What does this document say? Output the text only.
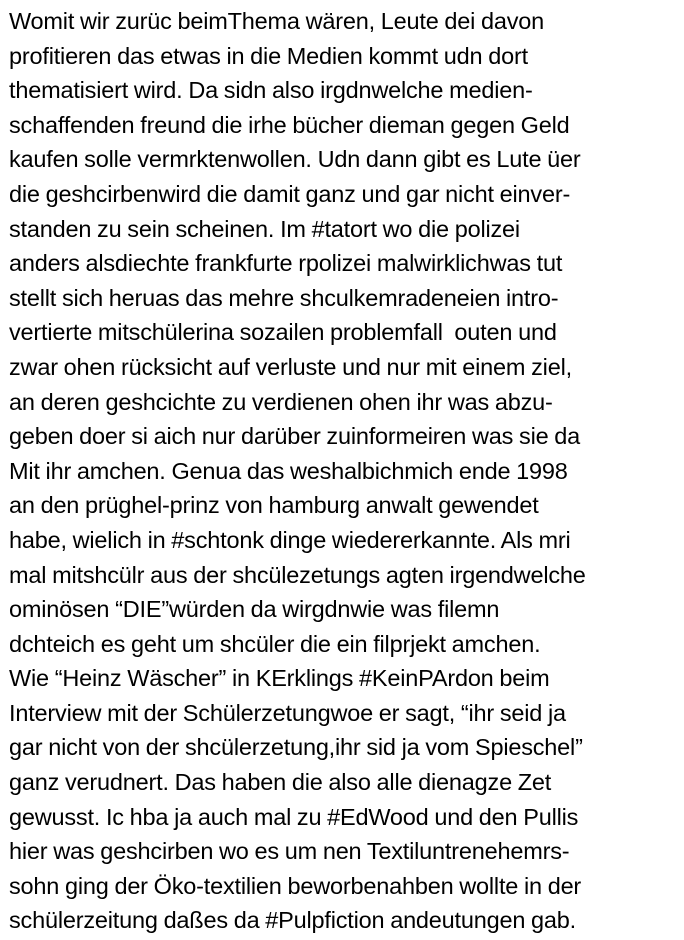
Womit wir zurüc beimThema wären, Leute dei davon
profitieren das etwas in die Medien kommt udn dort
thematisiert wird. Da sidn also irgdnwelche medien-
schaffenden freund die irhe bücher dieman gegen Geld
kaufen solle vermrktenwollen. Udn dann gibt es Lute üer
die geshcirbenwird die damit ganz und gar nicht einver-
standen zu sein scheinen. Im #tatort wo die polizei
anders alsdiechte frankfurte rpolizei malwirklichwas tut
stellt sich heruas das mehre shculkemradeneien intro-
vertierte mitschülerina sozailen problemfall  outen und
zwar ohen rücksicht auf verluste und nur mit einem ziel,
an deren geshcichte zu verdienen ohen ihr was abzu-
geben doer si aich nur darüber zuinformeiren was sie da
Mit ihr amchen. Genua das weshalbichmich ende 1998
an den prüghel-prinz von hamburg anwalt gewendet
habe, wielich in #schtonk dinge wiedererkannte. Als mri
mal mitshcülr aus der shcülezetungs agten irgendwelche
ominösen “DIE”würden da wirgdnwie was filemn
dchteich es geht um shcüler die ein filprjekt amchen.
Wie “Heinz Wäscher” in KErklings #KeinPArdon beim
Interview mit der Schülerzetungwoe er sagt, “ihr seid ja
gar nicht von der shcülerzetung,ihr sid ja vom Spieschel”
ganz verudnert. Das haben die also alle dienagze Zet
gewusst. Ic hba ja auch mal zu #EdWood und den Pullis
hier was geshcirben wo es um nen Textiluntrenehemrs-
sohn ging der Öko-textilien beworbenahben wollte in der
schülerzeitung daßes da #Pulpfiction andeutungen gab.
